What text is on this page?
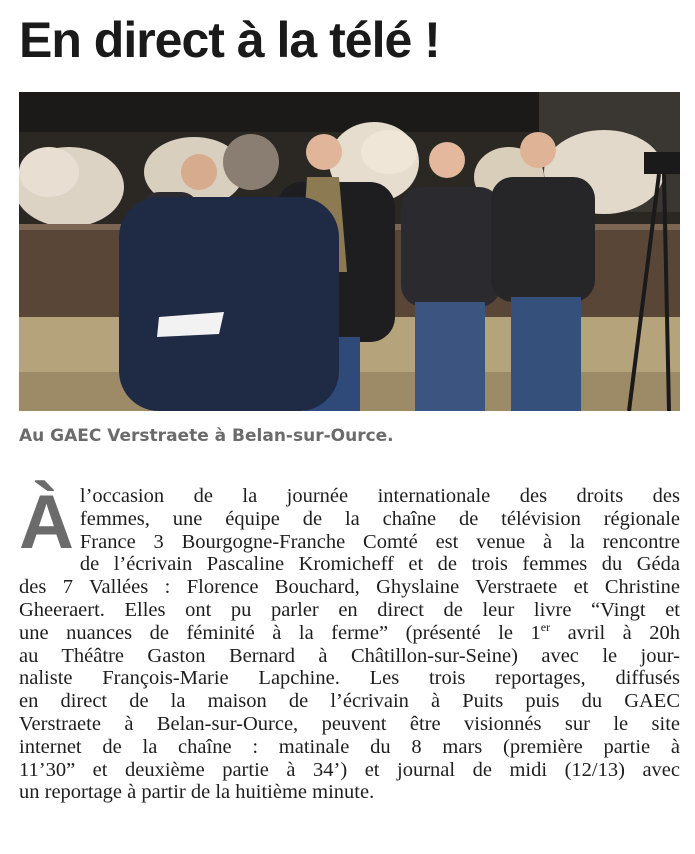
En direct à la télé !

Au GAEC Verstraete à Belan-sur-Ource.

À l’occasion de la journée internationale des droits des
femmes, une équipe de la chaîne de télévision régionale
France 3 Bourgogne-Franche Comté est venue à la rencontre
de l’écrivain Pascaline Kromicheff et de trois femmes du Géda
des 7 Vallées : Florence Bouchard, Ghyslaine Verstraete et Christine
Gheeraert. Elles ont pu parler en direct de leur livre “Vingt et
une nuances de féminité à la ferme” (présenté le 1er avril à 20h
au Théâtre Gaston Bernard à Châtillon-sur-Seine) avec le jour-
naliste François-Marie Lapchine. Les trois reportages, diffusés
en direct de la maison de l’écrivain à Puits puis du GAEC
Verstraete à Belan-sur-Ource, peuvent être visionnés sur le site
internet de la chaîne : matinale du 8 mars (première partie à
11’30” et deuxième partie à 34’) et journal de midi (12/13) avec
un reportage à partir de la huitième minute.
